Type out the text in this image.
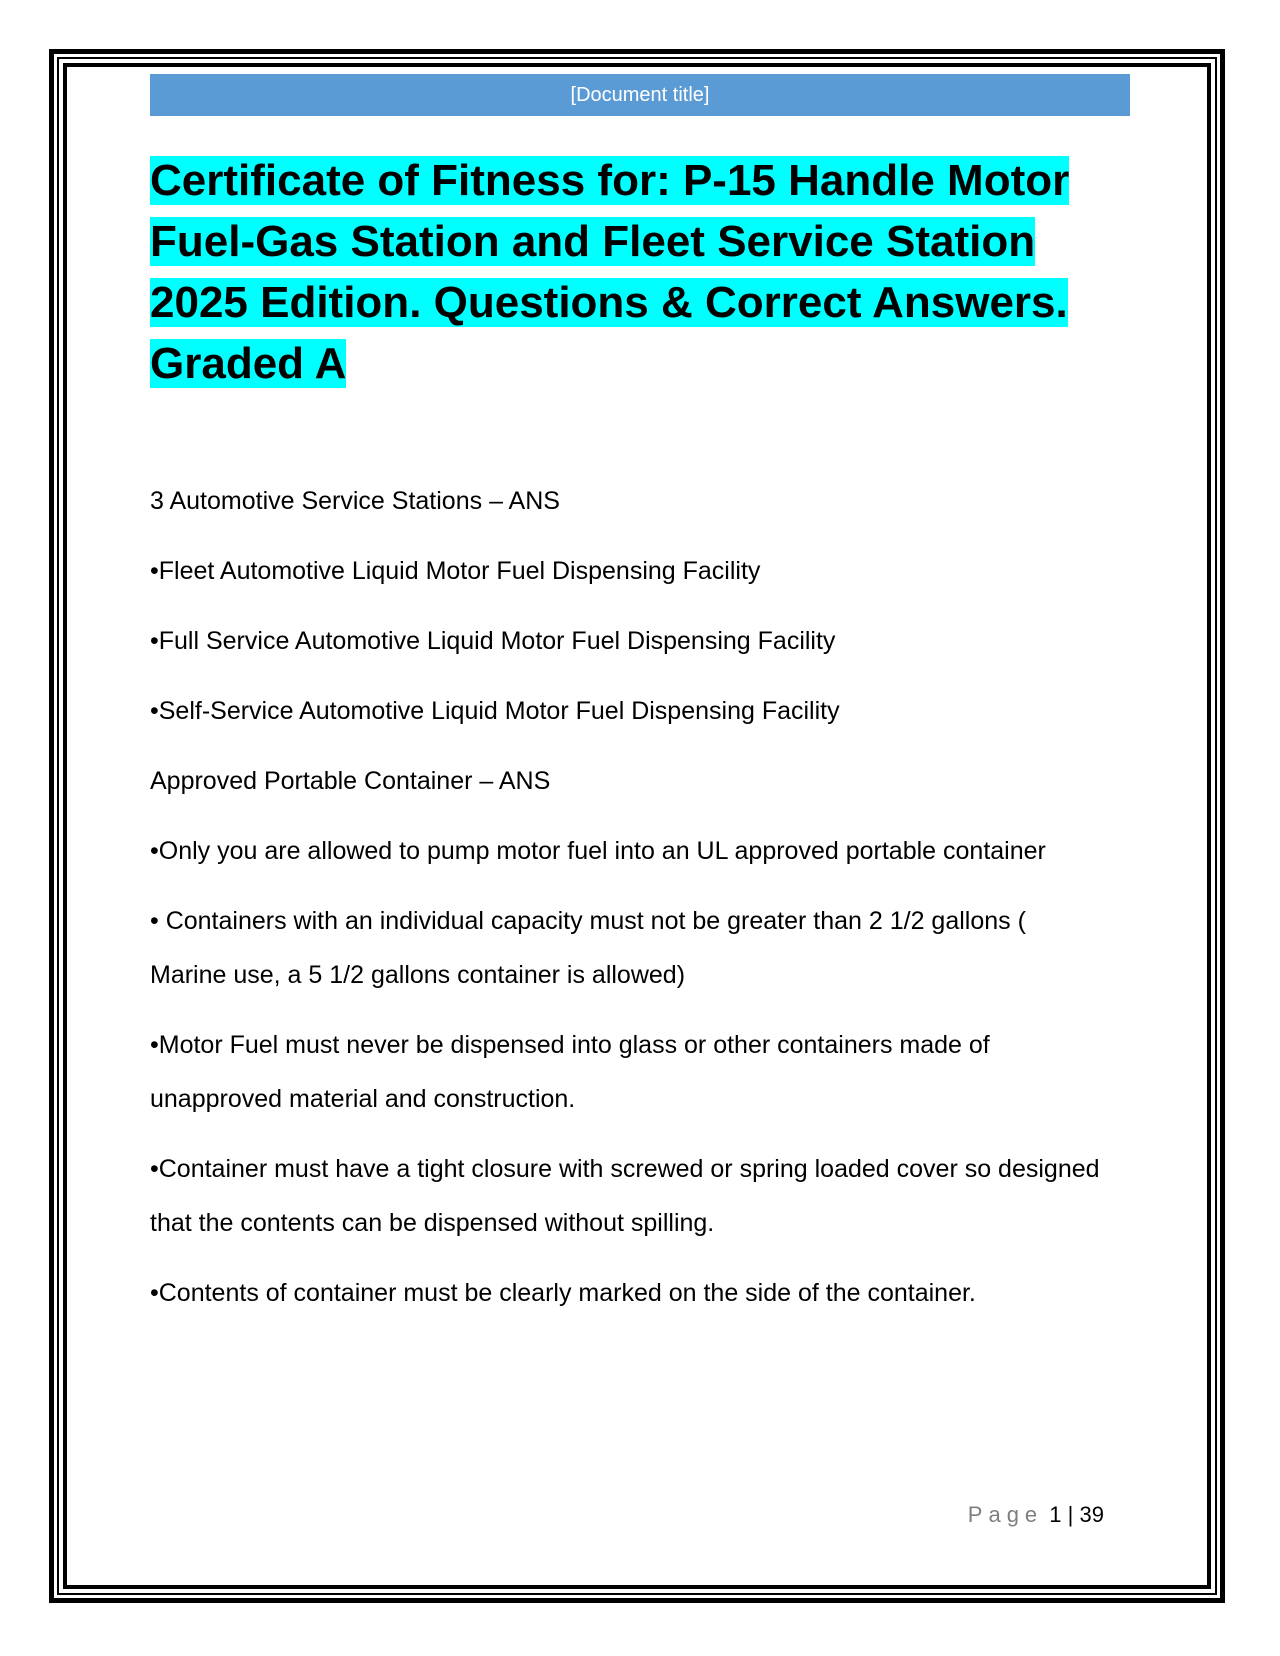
[Document title]
Certificate of Fitness for: P-15 Handle Motor Fuel-Gas Station and Fleet Service Station 2025 Edition. Questions & Correct Answers. Graded A

3 Automotive Service Stations – ANS

•Fleet Automotive Liquid Motor Fuel Dispensing Facility

•Full Service Automotive Liquid Motor Fuel Dispensing Facility

•Self-Service Automotive Liquid Motor Fuel Dispensing Facility

Approved Portable Container – ANS

•Only you are allowed to pump motor fuel into an UL approved portable container

• Containers with an individual capacity must not be greater than 2 1/2 gallons ( Marine use, a 5 1/2 gallons container is allowed)

•Motor Fuel must never be dispensed into glass or other containers made of unapproved material and construction.

•Container must have a tight closure with screwed or spring loaded cover so designed that the contents can be dispensed without spilling.

•Contents of container must be clearly marked on the side of the container.

Page 1 | 39
